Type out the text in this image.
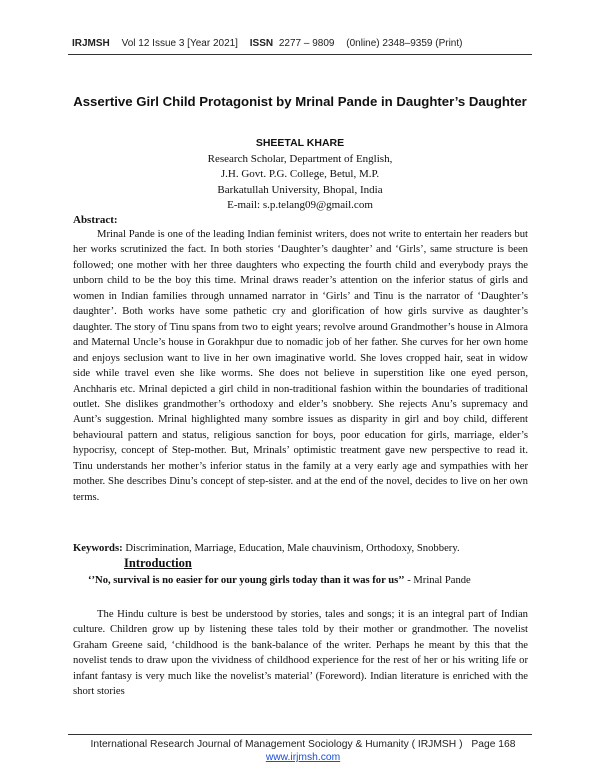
IRJMSH Vol 12 Issue 3 [Year 2021] ISSN 2277 – 9809 (0nline) 2348–9359 (Print)
Assertive Girl Child Protagonist by Mrinal Pande in Daughter’s Daughter
SHEETAL KHARE
Research Scholar, Department of English,
J.H. Govt. P.G. College, Betul, M.P.
Barkatullah University, Bhopal, India
E-mail: s.p.telang09@gmail.com
Abstract:

Mrinal Pande is one of the leading Indian feminist writers, does not write to entertain her readers but her works scrutinized the fact. In both stories ‘Daughter’s daughter’ and ‘Girls’, same structure is been followed; one mother with her three daughters who expecting the fourth child and everybody prays the unborn child to be the boy this time. Mrinal draws reader’s attention on the inferior status of girls and women in Indian families through unnamed narrator in ‘Girls’ and Tinu is the narrator of ‘Daughter’s daughter’. Both works have some pathetic cry and glorification of how girls survive as daughter’s daughter. The story of Tinu spans from two to eight years; revolve around Grandmother’s house in Almora and Maternal Uncle’s house in Gorakhpur due to nomadic job of her father. She curves for her own home and enjoys seclusion want to live in her own imaginative world. She loves cropped hair, seat in widow side while travel even she like worms. She does not believe in superstition like one eyed person, Anchharis etc. Mrinal depicted a girl child in non-traditional fashion within the boundaries of traditional outlet. She dislikes grandmother’s orthodoxy and elder’s snobbery. She rejects Anu’s supremacy and Aunt’s suggestion. Mrinal highlighted many sombre issues as disparity in girl and boy child, different behavioural pattern and status, religious sanction for boys, poor education for girls, marriage, elder’s hypocrisy, concept of Step-mother. But, Mrinals’ optimistic treatment gave new perspective to read it. Tinu understands her mother’s inferior status in the family at a very early age and sympathies with her mother. She describes Dinu’s concept of step-sister. and at the end of the novel, decides to live on her own terms.

Keywords: Discrimination, Marriage, Education, Male chauvinism, Orthodoxy, Snobbery.
Introduction
‘’No, survival is no easier for our young girls today than it was for us’’ - Mrinal Pande

The Hindu culture is best be understood by stories, tales and songs; it is an integral part of Indian culture. Children grow up by listening these tales told by their mother or grandmother. The novelist Graham Greene said, ‘childhood is the bank-balance of the writer. Perhaps he meant by this that the novelist tends to draw upon the vividness of childhood experience for the rest of her or his writing life or infant fantasy is very much like the novelist’s material’ (Foreword). Indian literature is enriched with the short stories

International Research Journal of Management Sociology & Humanity ( IRJMSH ) Page 168
www.irjmsh.com
